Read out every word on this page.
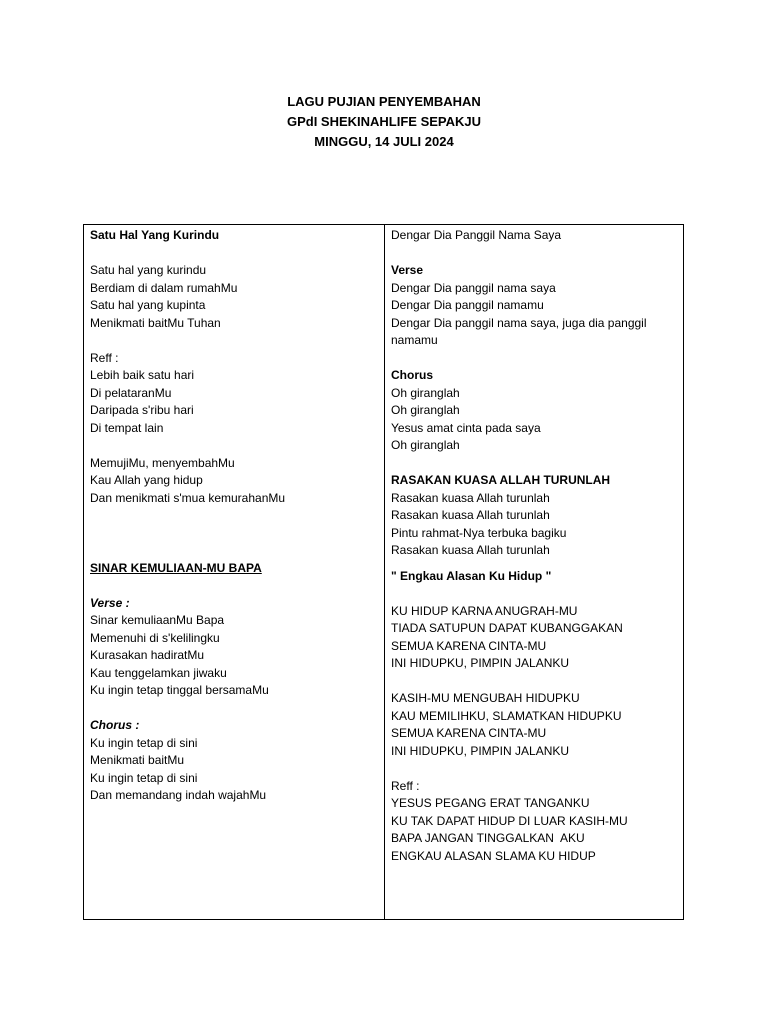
LAGU PUJIAN PENYEMBAHAN
GPdI SHEKINAHLIFE SEPAKJU
MINGGU, 14 JULI 2024
Satu Hal Yang Kurindu
Satu hal yang kurindu
Berdiam di dalam rumahMu
Satu hal yang kupinta
Menikmati baitMu Tuhan
Reff :
Lebih baik satu hari
Di pelataranMu
Daripada s'ribu hari
Di tempat lain
MemujiMu, menyembahMu
Kau Allah yang hidup
Dan menikmati s'mua kemurahanMu
SINAR KEMULIAAN-MU BAPA
Verse :
Sinar kemuliaanMu Bapa
Memenuhi di s'kelilingku
Kurasakan hadiratMu
Kau tenggelamkan jiwaku
Ku ingin tetap tinggal bersamaMu
Chorus :
Ku ingin tetap di sini
Menikmati baitMu
Ku ingin tetap di sini
Dan memandang indah wajahMu
Dengar Dia Panggil Nama Saya
Verse
Dengar Dia panggil nama saya
Dengar Dia panggil namamu
Dengar Dia panggil nama saya, juga dia panggil namamu
Chorus
Oh giranglah
Oh giranglah
Yesus amat cinta pada saya
Oh giranglah
RASAKAN KUASA ALLAH TURUNLAH
Rasakan kuasa Allah turunlah
Rasakan kuasa Allah turunlah
Pintu rahmat-Nya terbuka bagiku
Rasakan kuasa Allah turunlah
" Engkau Alasan Ku Hidup "
KU HIDUP KARNA ANUGRAH-MU
TIADA SATUPUN DAPAT KUBANGGAKAN
SEMUA KARENA CINTA-MU
INI HIDUPKU, PIMPIN JALANKU
KASIH-MU MENGUBAH HIDUPKU
KAU MEMILIHKU, SLAMATKAN HIDUPKU
SEMUA KARENA CINTA-MU
INI HIDUPKU, PIMPIN JALANKU
Reff :
YESUS PEGANG ERAT TANGANKU
KU TAK DAPAT HIDUP DI LUAR KASIH-MU
BAPA JANGAN TINGGALKAN  AKU
ENGKAU ALASAN SLAMA KU HIDUP
